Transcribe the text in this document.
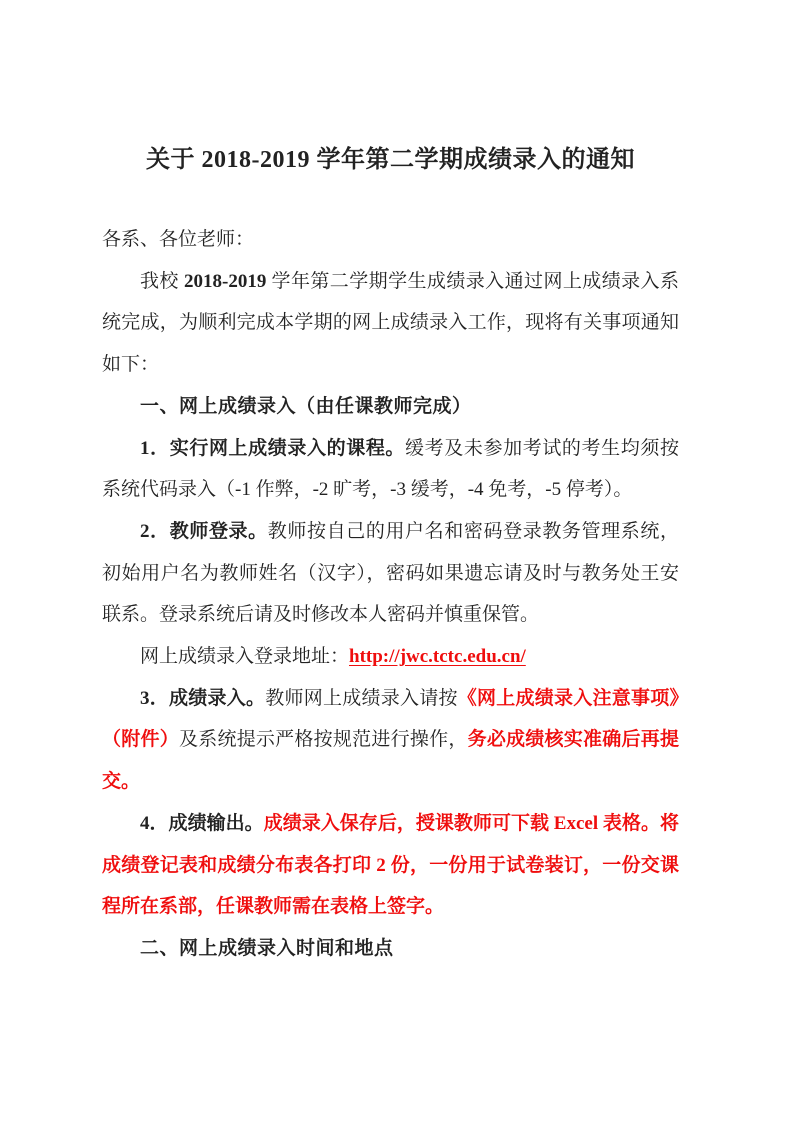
关于 2018-2019 学年第二学期成绩录入的通知

各系、各位老师：

我校 2018-2019 学年第二学期学生成绩录入通过网上成绩录入系统完成，为顺利完成本学期的网上成绩录入工作，现将有关事项通知如下：

一、网上成绩录入（由任课教师完成）

1．实行网上成绩录入的课程。缓考及未参加考试的考生均须按系统代码录入（-1 作弊，-2 旷考，-3 缓考，-4 免考，-5 停考）。

2．教师登录。教师按自己的用户名和密码登录教务管理系统，初始用户名为教师姓名（汉字），密码如果遗忘请及时与教务处王安联系。登录系统后请及时修改本人密码并慎重保管。

网上成绩录入登录地址：http://jwc.tctc.edu.cn/

3．成绩录入。教师网上成绩录入请按《网上成绩录入注意事项》（附件）及系统提示严格按规范进行操作，务必成绩核实准确后再提交。

4．成绩输出。成绩录入保存后，授课教师可下载 Excel 表格。将成绩登记表和成绩分布表各打印 2 份，一份用于试卷装订，一份交课程所在系部，任课教师需在表格上签字。

二、网上成绩录入时间和地点
